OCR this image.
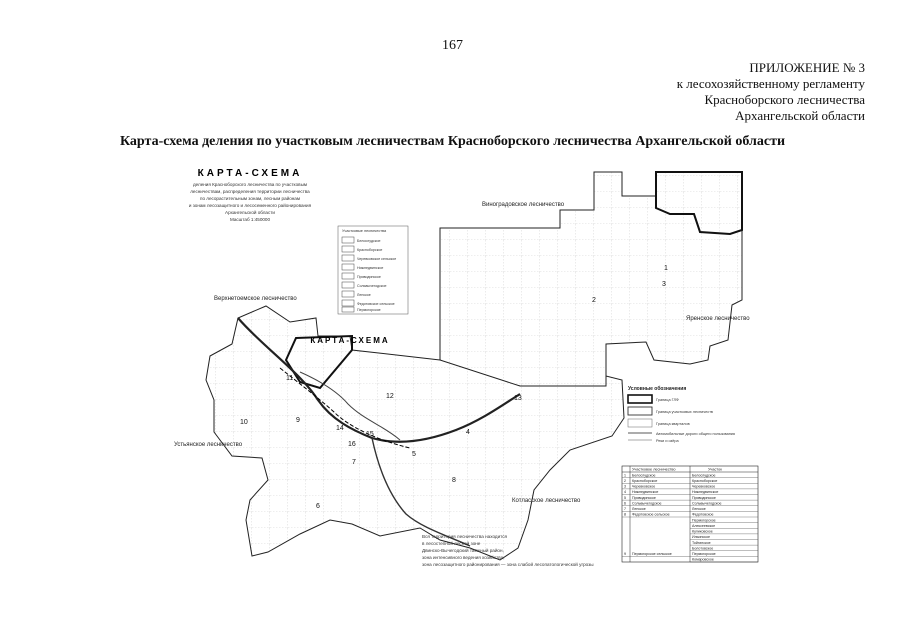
167
ПРИЛОЖЕНИЕ № 3
к лесохозяйственному регламенту
Красноборского лесничества
Архангельской области
Карта-схема деления по участковым лесничествам Красноборского лесничества Архангельской области
1
2
3
4
5
6
7
8
9
10
11
12	13
14
15
16
КАРТА-СХЕМА
деления Красноборского лесничества по участковым
лесничествам, распределения территории лесничества
по лесорастительным зонам, лесным районам
и зонам лесозащитного и лесосеменного районирования
Архангельской области
Масштаб 1:450000
КАРТА-СХЕМА
Виноградовское лесничество
Верхнетоемское лесничество
Яренское лесничество
Устьянское лесничество
Котласское лесничество
Участковые лесничества
Белослудское
Красноборское
Черевковское сельское
Нижнедвинское
Приводинское
Сольвычегодское
Ленское
Федотовское сельское
Пермогорское
Условные обозначения
Граница ГЛФ
Граница участковых лесничеств
Граница кварталов
Автомобильные дороги общего пользования
Реки и озёра
Участковое лесничество	Участок
1 Белослудское	Белослудское
2 Красноборское	Красноборское
3 Черевковское	Черевковское
4 Нижнедвинское	Нижнедвинское
5 Приводинское	Приводинское
6 Сольвычегодское	Сольвычегодское
7 Ленское	Ленское
8 Федотовское сельское	Федотовское
Пермогорское
Алексеевское
Куликовское
Ильинское
Тойгинское
Болотовское
9 Пермогорское сельское	Пермогорское
Комаровское
Вся территория лесничества находится
в лесостепной лесной зоне
Двинско-Вычегодский таёжный район,
зона интенсивного ведения хозяйства,
зона лесозащитного районирования — зона слабой лесопатологической угрозы
